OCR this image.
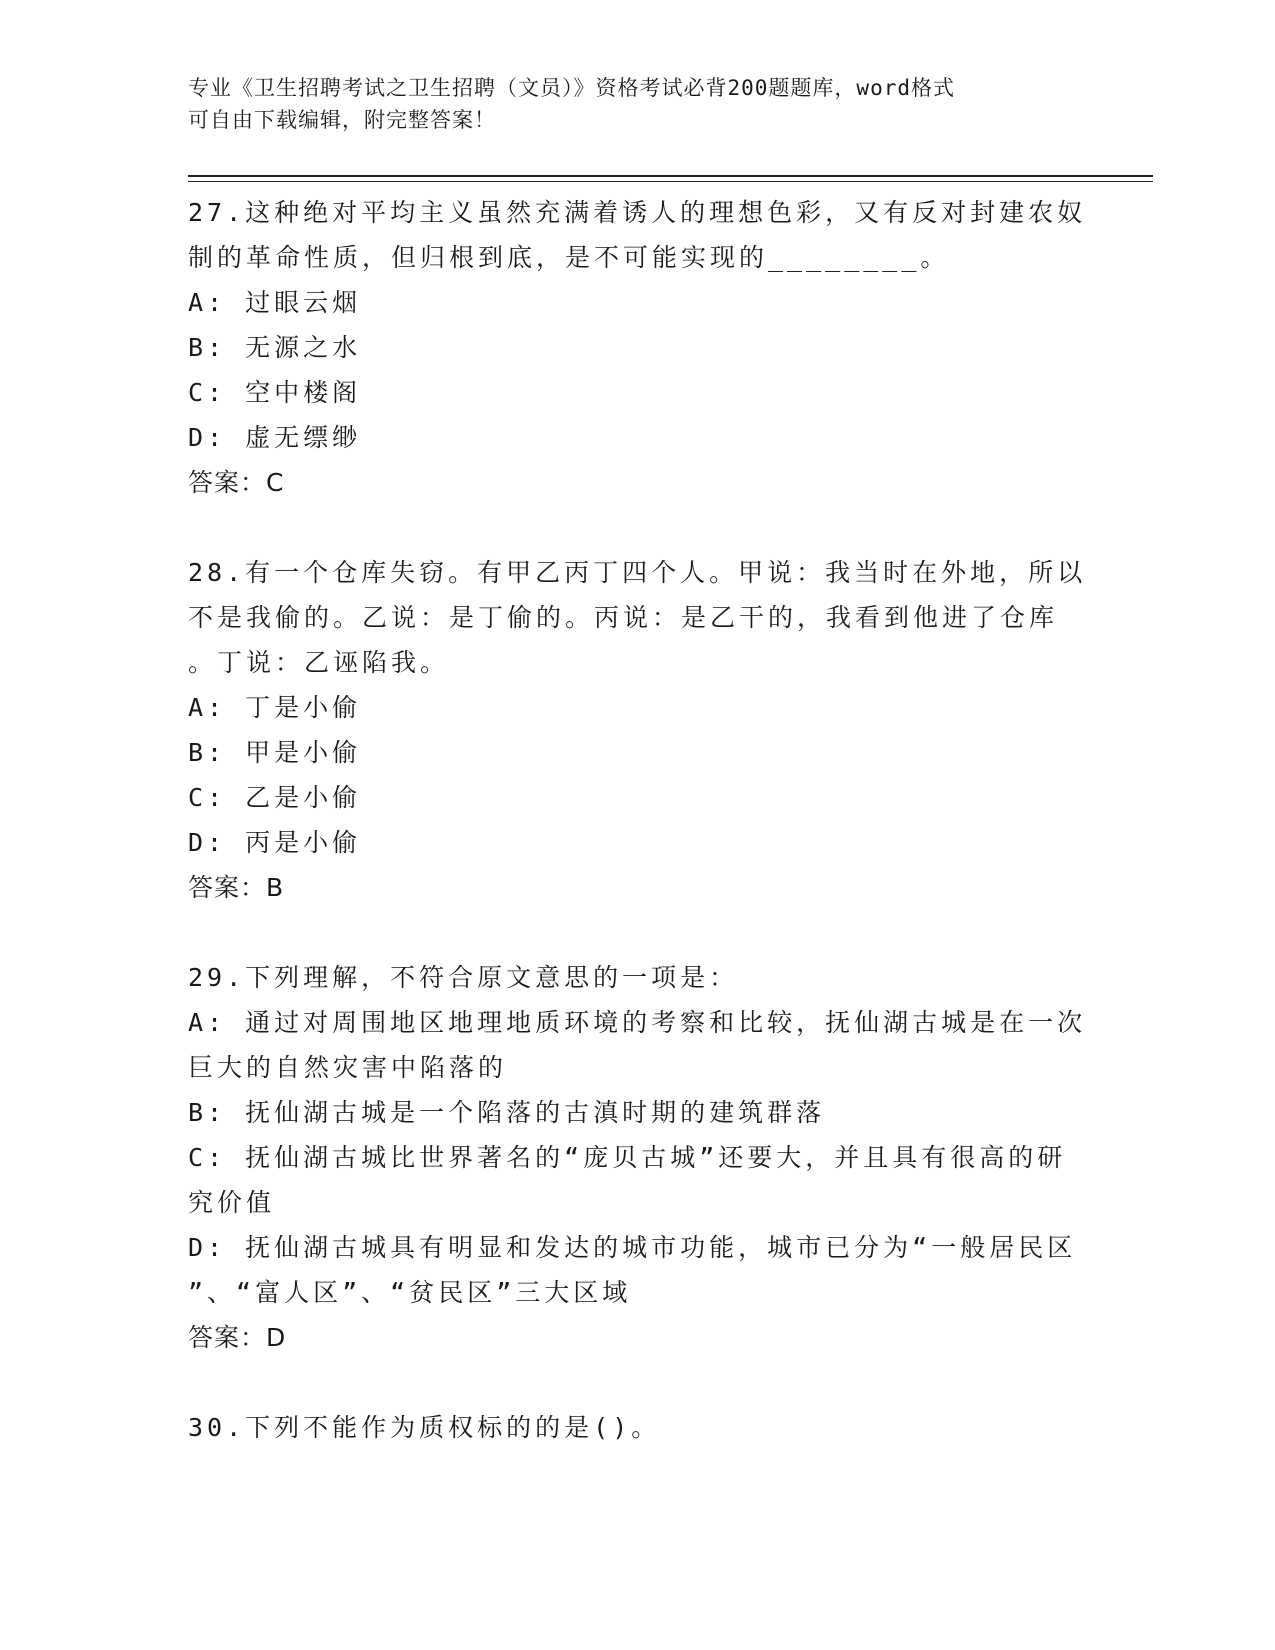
专业《卫生招聘考试之卫生招聘（文员）》资格考试必背200题题库，word格式
可自由下载编辑，附完整答案！
27.这种绝对平均主义虽然充满着诱人的理想色彩，又有反对封建农奴
制的革命性质，但归根到底，是不可能实现的________。
A: 过眼云烟
B: 无源之水
C: 空中楼阁
D: 虚无缥缈
答案：C
28.有一个仓库失窃。有甲乙丙丁四个人。甲说：我当时在外地，所以
不是我偷的。乙说：是丁偷的。丙说：是乙干的，我看到他进了仓库
。丁说：乙诬陷我。
A: 丁是小偷
B: 甲是小偷
C: 乙是小偷
D: 丙是小偷
答案：B
29.下列理解，不符合原文意思的一项是：
A: 通过对周围地区地理地质环境的考察和比较，抚仙湖古城是在一次
巨大的自然灾害中陷落的
B: 抚仙湖古城是一个陷落的古滇时期的建筑群落
C: 抚仙湖古城比世界著名的“庞贝古城”还要大，并且具有很高的研
究价值
D: 抚仙湖古城具有明显和发达的城市功能，城市已分为“一般居民区
”、“富人区”、“贫民区”三大区域
答案：D
30.下列不能作为质权标的的是()。
